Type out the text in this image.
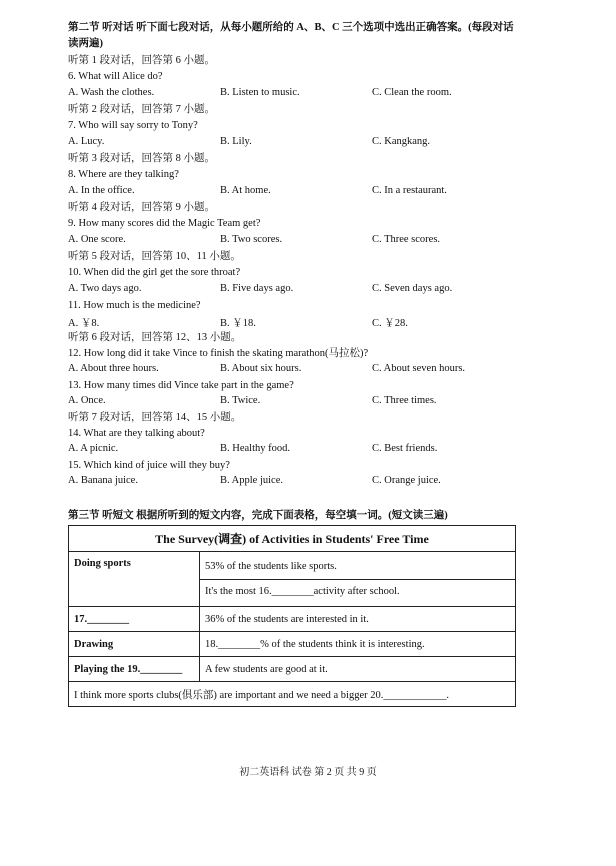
第二节 听对话 听下面七段对话，从每小题所给的 A、B、C 三个选项中选出正确答案。(每段对话
读两遍)
听第 1 段对话，回答第 6 小题。
6. What will Alice do?
A. Wash the clothes.	B. Listen to music.	C. Clean the room.
听第 2 段对话，回答第 7 小题。
7. Who will say sorry to Tony?
A. Lucy.	B. Lily.	C. Kangkang.
听第 3 段对话，回答第 8 小题。
8. Where are they talking?
A. In the office.	B. At home.	C. In a restaurant.
听第 4 段对话，回答第 9 小题。
9. How many scores did the Magic Team get?
A. One score.	B. Two scores.	C. Three scores.
听第 5 段对话，回答第 10、11 小题。
10. When did the girl get the sore throat?
A. Two days ago.	B. Five days ago.	C. Seven days ago.
11. How much is the medicine?
A. ￥8.	B. ￥18.	C. ￥28.
听第 6 段对话，回答第 12、13 小题。
12. How long did it take Vince to finish the skating marathon(马拉松)?
A. About three hours.	B. About six hours.	C. About seven hours.
13. How many times did Vince take part in the game?
A. Once.	B. Twice.	C. Three times.
听第 7 段对话，回答第 14、15 小题。
14. What are they talking about?
A. A picnic.	B. Healthy food.	C. Best friends.
15. Which kind of juice will they buy?
A. Banana juice.	B. Apple juice.	C. Orange juice.
第三节 听短文 根据所听到的短文内容，完成下面表格，每空填一词。(短文读三遍)
The Survey(调查) of Activities in Students' Free Time	
Doing sports	53% of the students like sports.
It's the most 16.________activity after school.

17.________	36% of the students are interested in it.
Drawing	18.________% of the students think it is interesting.
Playing the 19.________	A few students are good at it.
I think more sports clubs(俱乐部) are important and we need a bigger 20.____________.	
初二英语科 试卷 第 2 页 共 9 页
